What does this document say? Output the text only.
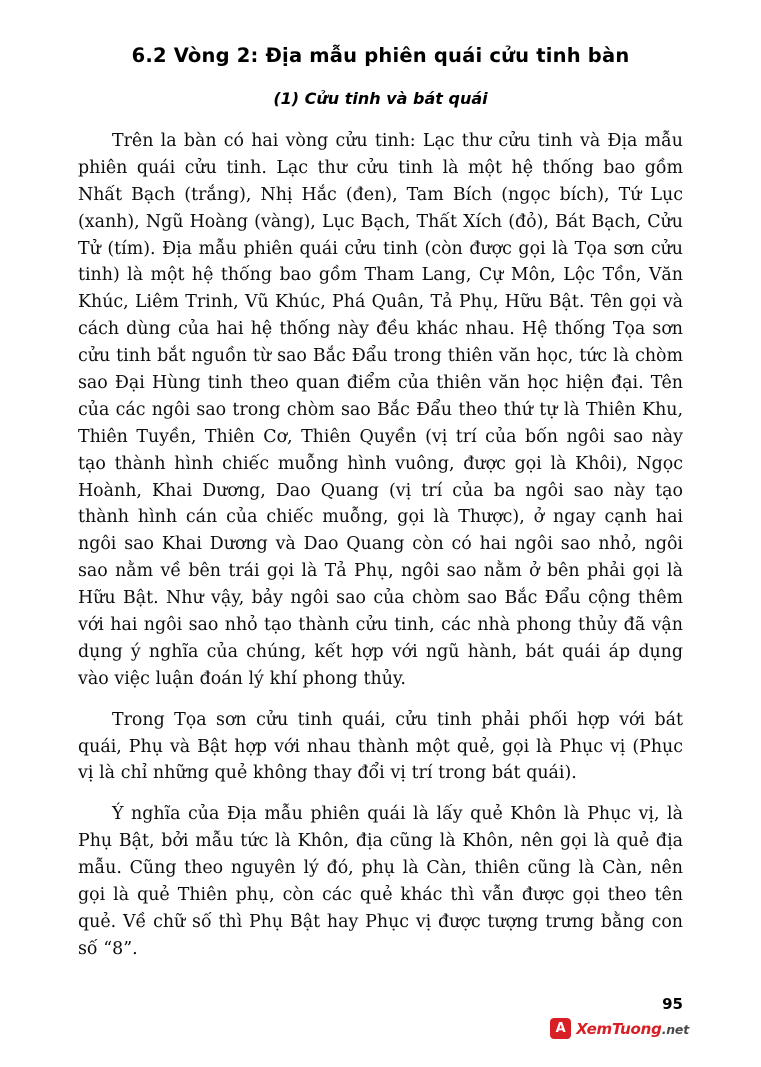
6.2 Vòng 2: Địa mẫu phiên quái cửu tinh bàn
(1) Cửu tinh và bát quái

Trên la bàn có hai vòng cửu tinh: Lạc thư cửu tinh và Địa mẫu phiên quái cửu tinh. Lạc thư cửu tinh là một hệ thống bao gồm Nhất Bạch (trắng), Nhị Hắc (đen), Tam Bích (ngọc bích), Tứ Lục (xanh), Ngũ Hoàng (vàng), Lục Bạch, Thất Xích (đỏ), Bát Bạch, Cửu Tử (tím). Địa mẫu phiên quái cửu tinh (còn được gọi là Tọa sơn cửu tinh) là một hệ thống bao gồm Tham Lang, Cự Môn, Lộc Tồn, Văn Khúc, Liêm Trinh, Vũ Khúc, Phá Quân, Tả Phụ, Hữu Bật. Tên gọi và cách dùng của hai hệ thống này đều khác nhau. Hệ thống Tọa sơn cửu tinh bắt nguồn từ sao Bắc Đẩu trong thiên văn học, tức là chòm sao Đại Hùng tinh theo quan điểm của thiên văn học hiện đại. Tên của các ngôi sao trong chòm sao Bắc Đẩu theo thứ tự là Thiên Khu, Thiên Tuyền, Thiên Cơ, Thiên Quyền (vị trí của bốn ngôi sao này tạo thành hình chiếc muỗng hình vuông, được gọi là Khôi), Ngọc Hoành, Khai Dương, Dao Quang (vị trí của ba ngôi sao này tạo thành hình cán của chiếc muỗng, gọi là Thược), ở ngay cạnh hai ngôi sao Khai Dương và Dao Quang còn có hai ngôi sao nhỏ, ngôi sao nằm về bên trái gọi là Tả Phụ, ngôi sao nằm ở bên phải gọi là Hữu Bật. Như vậy, bảy ngôi sao của chòm sao Bắc Đẩu cộng thêm với hai ngôi sao nhỏ tạo thành cửu tinh, các nhà phong thủy đã vận dụng ý nghĩa của chúng, kết hợp với ngũ hành, bát quái áp dụng vào việc luận đoán lý khí phong thủy.

Trong Tọa sơn cửu tinh quái, cửu tinh phải phối hợp với bát quái, Phụ và Bật hợp với nhau thành một quẻ, gọi là Phục vị (Phục vị là chỉ những quẻ không thay đổi vị trí trong bát quái).

Ý nghĩa của Địa mẫu phiên quái là lấy quẻ Khôn là Phục vị, là Phụ Bật, bởi mẫu tức là Khôn, địa cũng là Khôn, nên gọi là quẻ địa mẫu. Cũng theo nguyên lý đó, phụ là Càn, thiên cũng là Càn, nên gọi là quẻ Thiên phụ, còn các quẻ khác thì vẫn được gọi theo tên quẻ. Về chữ số thì Phụ Bật hay Phục vị được tượng trưng bằng con số “8”.

95
A XemTuong.net
